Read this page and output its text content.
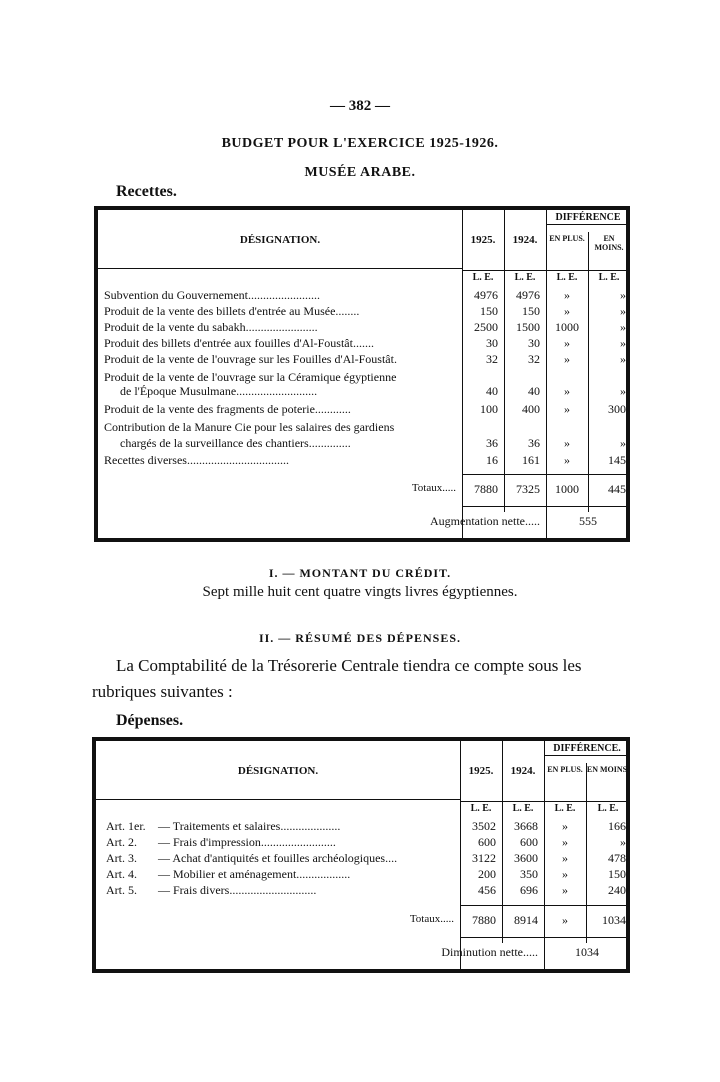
— 382 —
BUDGET POUR L'EXERCICE 1925-1926.
MUSÉE ARABE.
Recettes.
DÉSIGNATION.	1925.	1924.
DIFFÉRENCE
EN PLUS.	EN MOINS.
L. E.	L. E.	L. E.	L. E.
Subvention du Gouvernement........................	4976	4976	»	»
Produit de la vente des billets d'entrée au Musée........	150	150	»	»
Produit de la vente du sabakh........................	2500	1500	1000	»
Produit des billets d'entrée aux fouilles d'Al-Foustât.......	30	30	»	»
Produit de la vente de l'ouvrage sur les Fouilles d'Al-Foustât.	32	32	»	»
Produit de la vente de l'ouvrage sur la Céramique égyptienne
de l'Époque Musulmane...........................	40	40	»	»
Produit de la vente des fragments de poterie............	100	400	»	300
Contribution de la Manure Cie pour les salaires des gardiens
chargés de la surveillance des chantiers..............	36	36	»	»
Recettes diverses..................................	16	161	»	145
Totaux.....	7880	7325	1000	445
Augmentation nette.....	555
I. — MONTANT DU CRÉDIT.
Sept mille huit cent quatre vingts livres égyptiennes.
II. — RÉSUMÉ DES DÉPENSES.
La Comptabilité de la Trésorerie Centrale tiendra ce compte sous les
rubriques suivantes :
Dépenses.
DÉSIGNATION.	1925.	1924.
DIFFÉRENCE.
EN PLUS. EN MOINS.
L. E.	L. E.	L. E.	L. E.
Art. 1er. — Traitements et salaires....................	3502	3668	»	166
Art. 2. — Frais d'impression.........................	600	600	»	»
Art. 3. — Achat d'antiquités et fouilles archéologiques....	3122	3600	»	478
Art. 4. — Mobilier et aménagement..................	200	350	»	150
Art. 5. — Frais divers.............................	456	696	»	240
Totaux.....	7880	8914	»	1034
Diminution nette.....	1034
